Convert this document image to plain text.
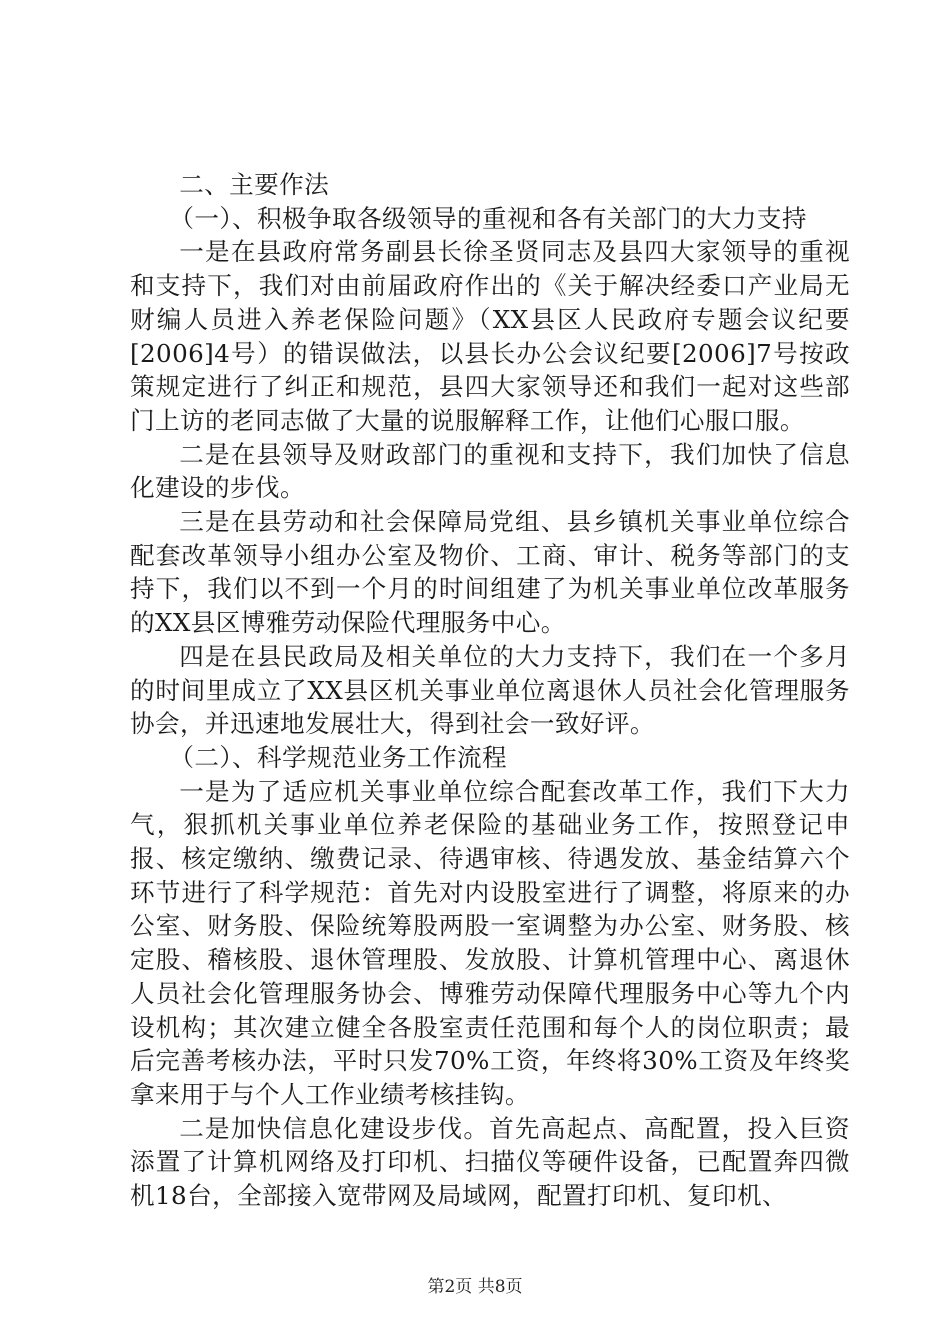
二、主要作法

（一）、积极争取各级领导的重视和各有关部门的大力支持

一是在县政府常务副县长徐圣贤同志及县四大家领导的重视和支持下，我们对由前届政府作出的《关于解决经委口产业局无财编人员进入养老保险问题》（XX县区人民政府专题会议纪要[2006]4号）的错误做法，以县长办公会议纪要[2006]7号按政策规定进行了纠正和规范，县四大家领导还和我们一起对这些部门上访的老同志做了大量的说服解释工作，让他们心服口服。

二是在县领导及财政部门的重视和支持下，我们加快了信息化建设的步伐。

三是在县劳动和社会保障局党组、县乡镇机关事业单位综合配套改革领导小组办公室及物价、工商、审计、税务等部门的支持下，我们以不到一个月的时间组建了为机关事业单位改革服务的XX县区博雅劳动保险代理服务中心。

四是在县民政局及相关单位的大力支持下，我们在一个多月的时间里成立了XX县区机关事业单位离退休人员社会化管理服务协会，并迅速地发展壮大，得到社会一致好评。

（二）、科学规范业务工作流程

一是为了适应机关事业单位综合配套改革工作，我们下大力气，狠抓机关事业单位养老保险的基础业务工作，按照登记申报、核定缴纳、缴费记录、待遇审核、待遇发放、基金结算六个环节进行了科学规范：首先对内设股室进行了调整，将原来的办公室、财务股、保险统筹股两股一室调整为办公室、财务股、核定股、稽核股、退休管理股、发放股、计算机管理中心、离退休人员社会化管理服务协会、博雅劳动保障代理服务中心等九个内设机构；其次建立健全各股室责任范围和每个人的岗位职责；最后完善考核办法，平时只发70%工资，年终将30%工资及年终奖拿来用于与个人工作业绩考核挂钩。

二是加快信息化建设步伐。首先高起点、高配置，投入巨资添置了计算机网络及打印机、扫描仪等硬件设备，已配置奔四微机18台，全部接入宽带网及局域网，配置打印机、复印机、

第2页 共8页
